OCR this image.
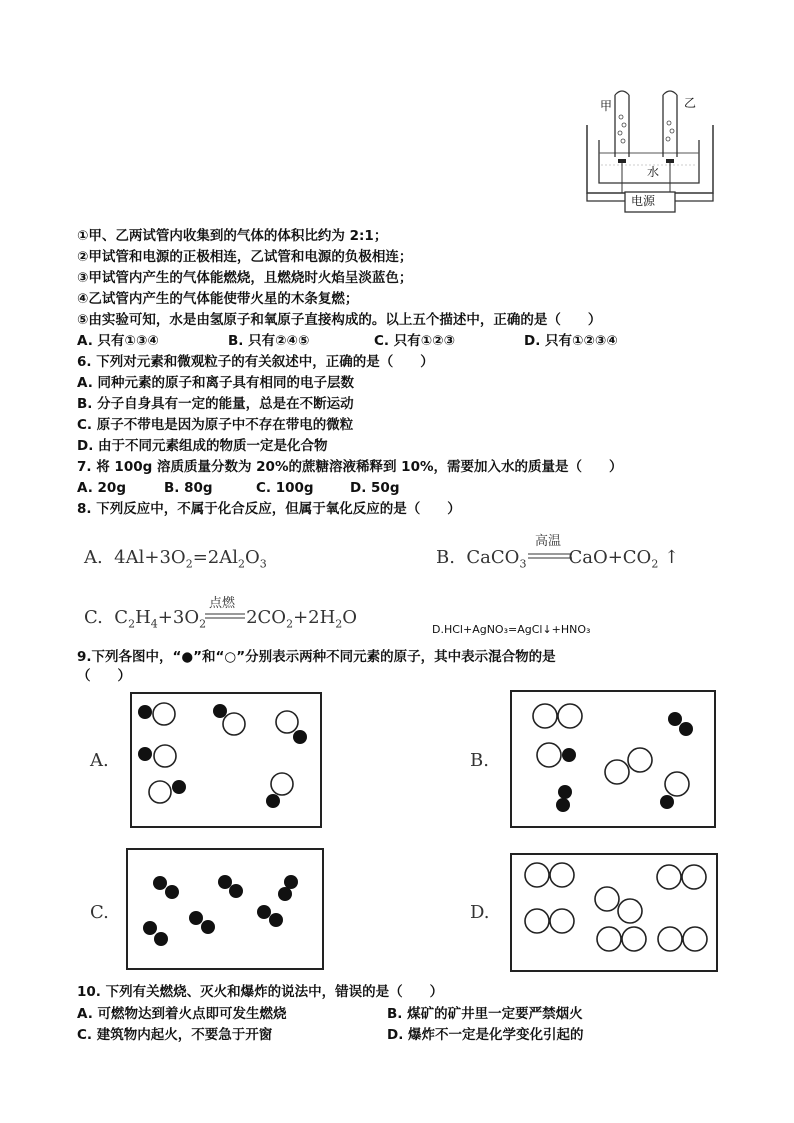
甲	乙
水
电源
①甲、乙两试管内收集到的气体的体积比约为 2:1；
②甲试管和电源的正极相连，乙试管和电源的负极相连；
③甲试管内产生的气体能燃烧，且燃烧时火焰呈淡蓝色；
④乙试管内产生的气体能使带火星的木条复燃；
⑤由实验可知，水是由氢原子和氧原子直接构成的。以上五个描述中，正确的是（　　）
A. 只有①③④	B. 只有②④⑤	C. 只有①②③	D. 只有①②③④
6. 下列对元素和微观粒子的有关叙述中，正确的是（　　）
A. 同种元素的原子和离子具有相同的电子层数
B. 分子自身具有一定的能量，总是在不断运动
C. 原子不带电是因为原子中不存在带电的微粒
D. 由于不同元素组成的物质一定是化合物
7. 将 100g 溶质质量分数为 20%的蔗糖溶液稀释到 10%，需要加入水的质量是（　　）
A. 20g	B. 80g	C. 100g	D. 50g
8. 下列反应中，不属于化合反应，但属于氧化反应的是（　　）
A.  $4Al+3O_2=2Al_2O_3$	B.  CaCO$_3$ $CaO+CO_2$ ↑
高温
C.  $C_2H_4+3O_2$ $2CO_2+2H_2O$
点燃
D.HCl+AgNO₃=AgCl↓+HNO₃
9.下列各图中，“●”和“○”分别表示两种不同元素的原子，其中表示混合物的是
（　　）
A.	B.
C.	D.
10. 下列有关燃烧、灭火和爆炸的说法中，错误的是（　　）
A. 可燃物达到着火点即可发生燃烧	B. 煤矿的矿井里一定要严禁烟火
C. 建筑物内起火，不要急于开窗	D. 爆炸不一定是化学变化引起的
